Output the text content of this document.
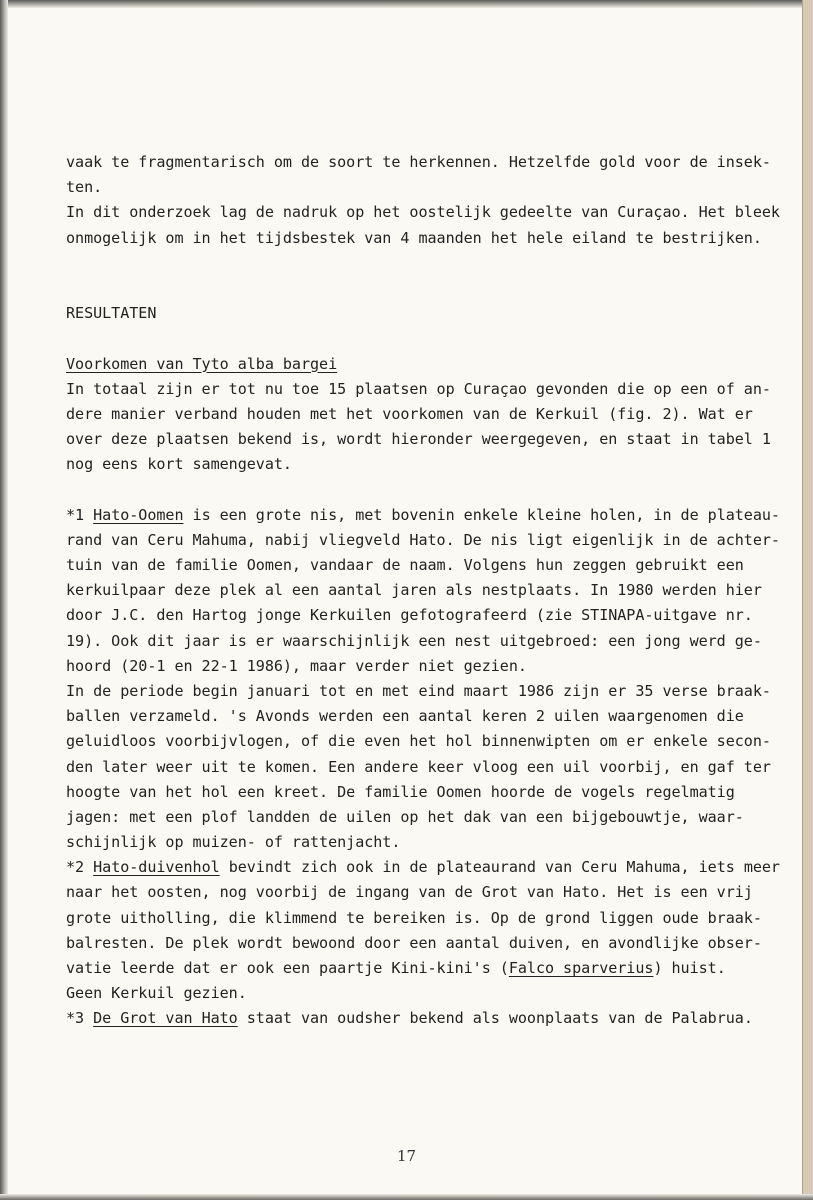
vaak te fragmentarisch om de soort te herkennen. Hetzelfde gold voor de insek-
ten.
In dit onderzoek lag de nadruk op het oostelijk gedeelte van Curaçao. Het bleek
onmogelijk om in het tijdsbestek van 4 maanden het hele eiland te bestrijken.
RESULTATEN
Voorkomen van Tyto alba bargei
In totaal zijn er tot nu toe 15 plaatsen op Curaçao gevonden die op een of an-
dere manier verband houden met het voorkomen van de Kerkuil (fig. 2). Wat er
over deze plaatsen bekend is, wordt hieronder weergegeven, en staat in tabel 1
nog eens kort samengevat.
*1 Hato-Oomen is een grote nis, met bovenin enkele kleine holen, in de plateau-
rand van Ceru Mahuma, nabij vliegveld Hato. De nis ligt eigenlijk in de achter-
tuin van de familie Oomen, vandaar de naam. Volgens hun zeggen gebruikt een
kerkuilpaar deze plek al een aantal jaren als nestplaats. In 1980 werden hier
door J.C. den Hartog jonge Kerkuilen gefotografeerd (zie STINAPA-uitgave nr.
19). Ook dit jaar is er waarschijnlijk een nest uitgebroed: een jong werd ge-
hoord (20-1 en 22-1 1986), maar verder niet gezien.
In de periode begin januari tot en met eind maart 1986 zijn er 35 verse braak-
ballen verzameld. 's Avonds werden een aantal keren 2 uilen waargenomen die
geluidloos voorbijvlogen, of die even het hol binnenwipten om er enkele secon-
den later weer uit te komen. Een andere keer vloog een uil voorbij, en gaf ter
hoogte van het hol een kreet. De familie Oomen hoorde de vogels regelmatig
jagen: met een plof landden de uilen op het dak van een bijgebouwtje, waar-
schijnlijk op muizen- of rattenjacht.
*2 Hato-duivenhol bevindt zich ook in de plateaurand van Ceru Mahuma, iets meer
naar het oosten, nog voorbij de ingang van de Grot van Hato. Het is een vrij
grote uitholling, die klimmend te bereiken is. Op de grond liggen oude braak-
balresten. De plek wordt bewoond door een aantal duiven, en avondlijke obser-
vatie leerde dat er ook een paartje Kini-kini's (Falco sparverius) huist.
Geen Kerkuil gezien.
*3 De Grot van Hato staat van oudsher bekend als woonplaats van de Palabrua.
17
